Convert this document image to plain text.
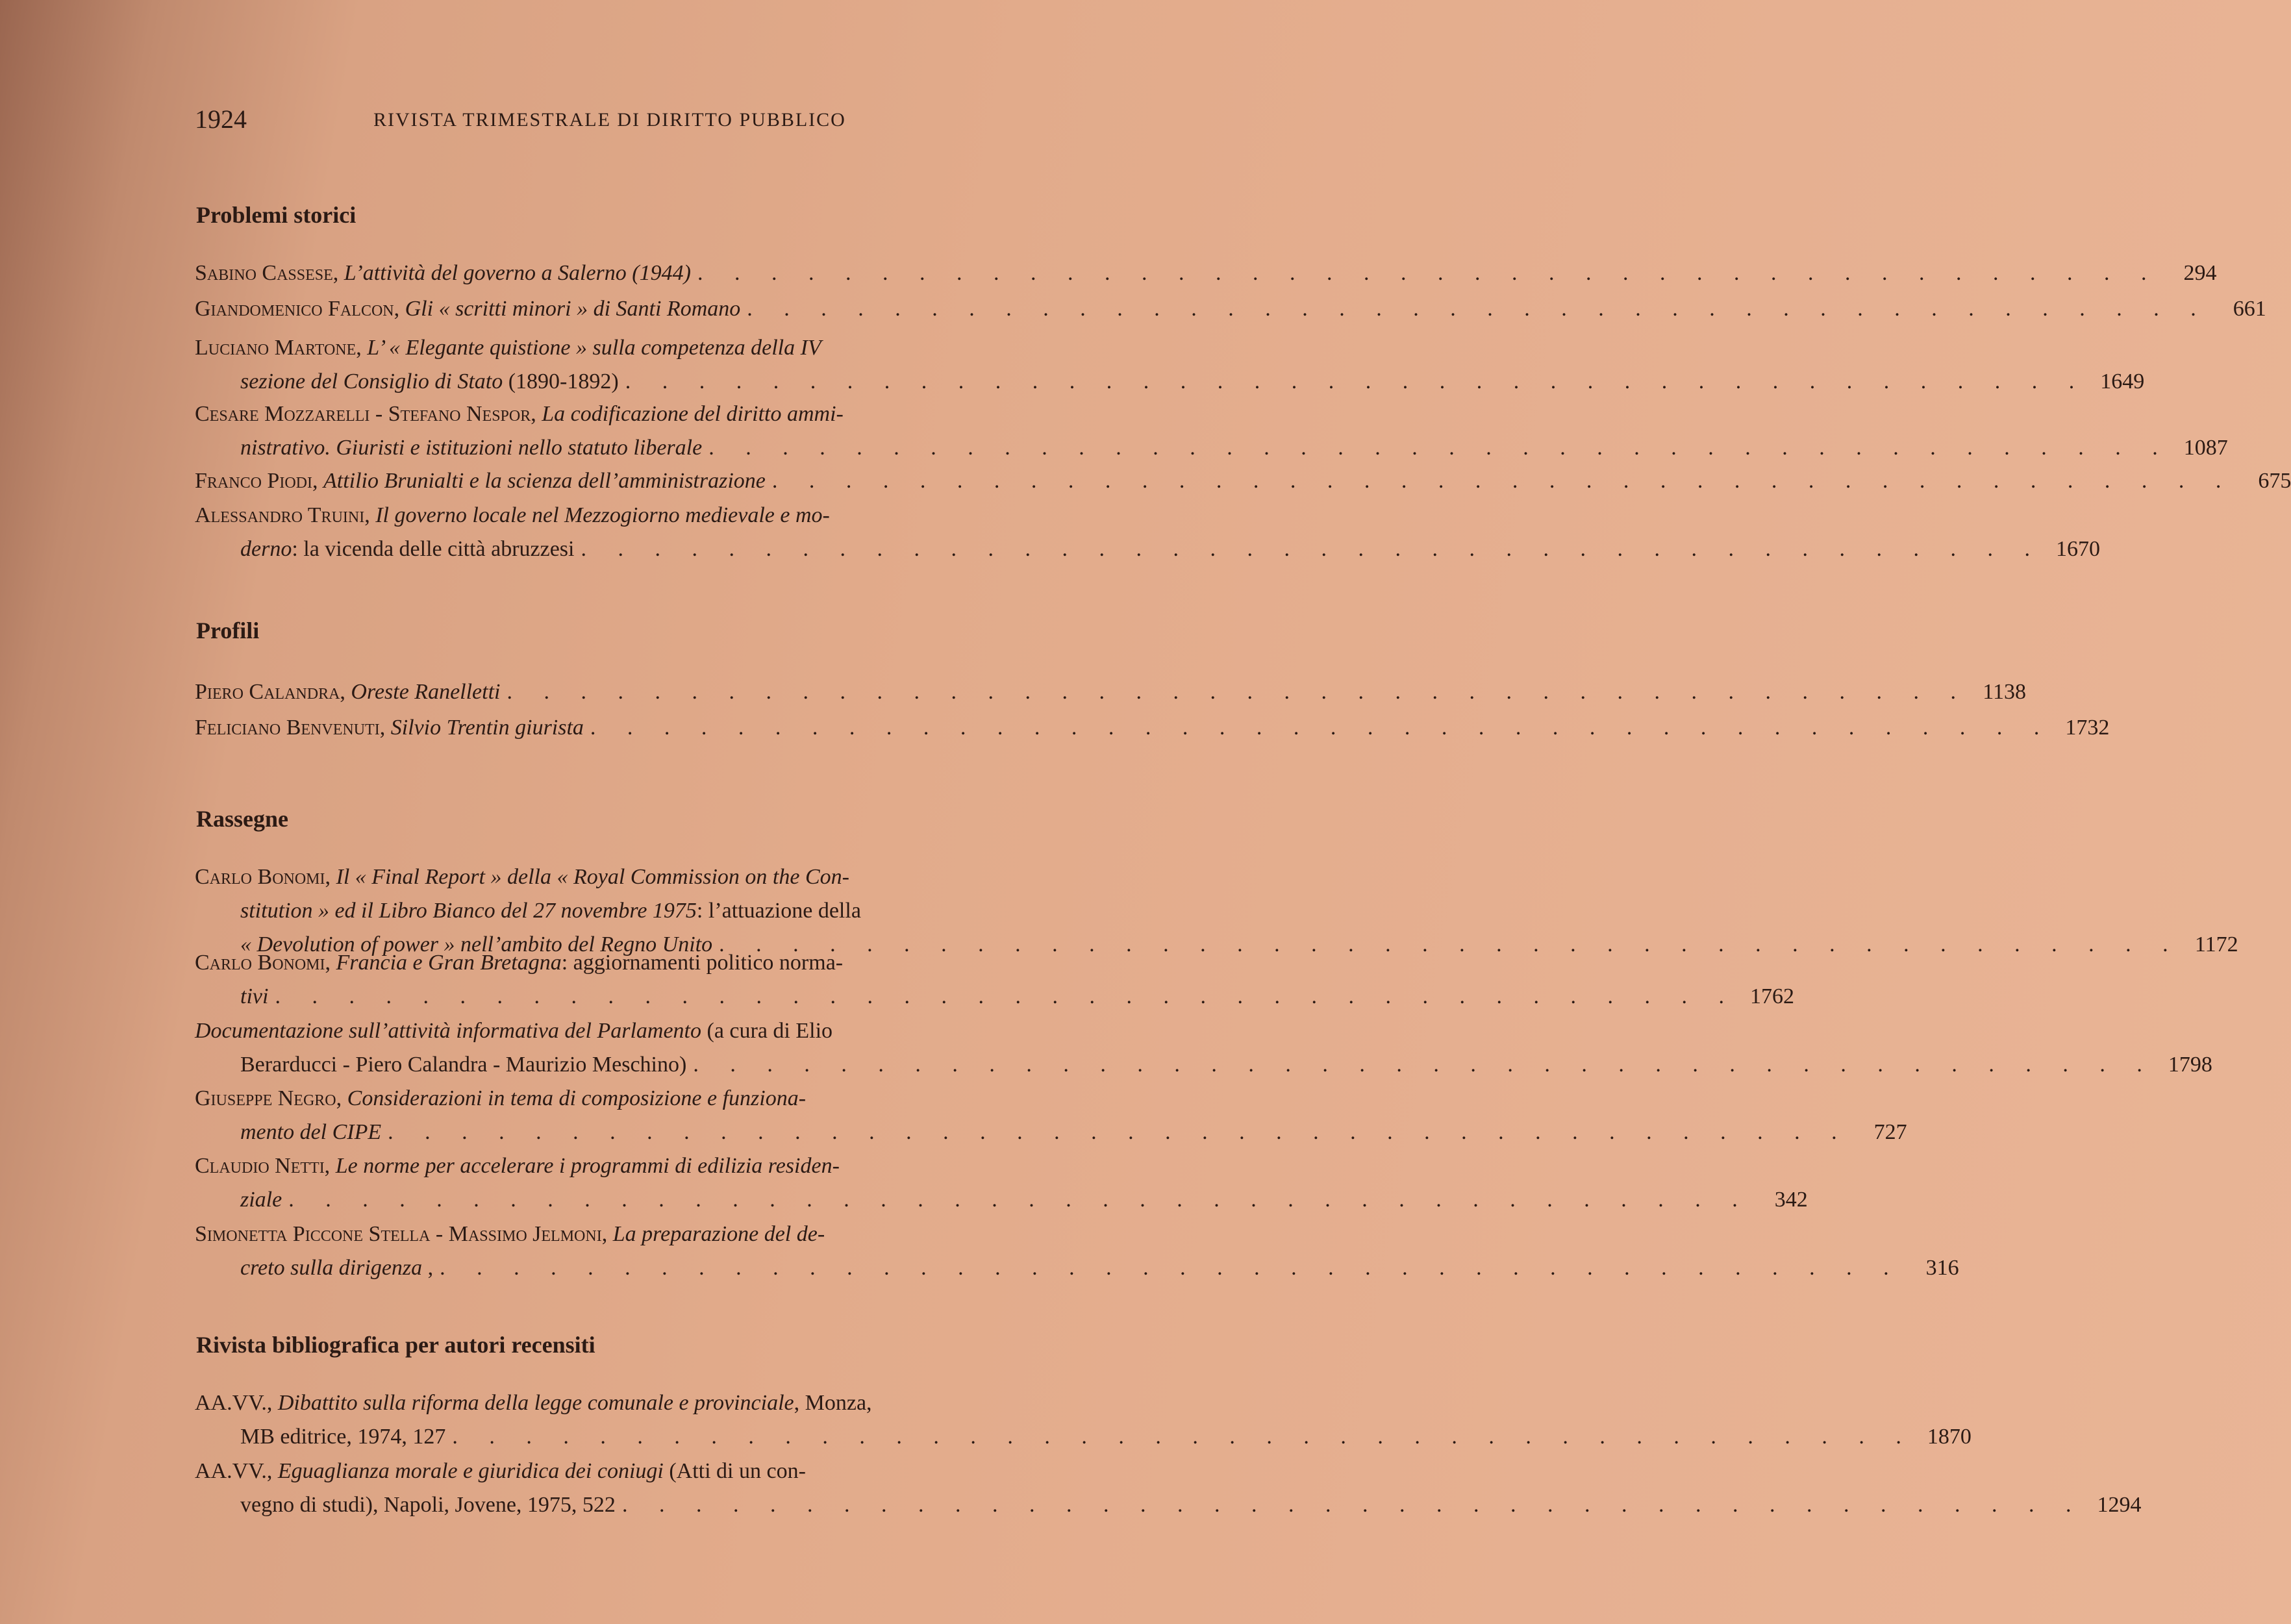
1924	RIVISTA TRIMESTRALE DI DIRITTO PUBBLICO
Problemi storici
Sabino Cassese, L’attività del governo a Salerno (1944) . . . . . . . . . . . . . . . . . . . . . . . . . . . . . . . . . . . . . . . .	294
Giandomenico Falcon, Gli « scritti minori » di Santi Romano . . . . . . . . . . . . . . . . . . . . . . . . . . . . . . . . . . . . . . . .	661
Luciano Martone, L’ « Elegante quistione » sulla competenza della IV
sezione del Consiglio di Stato (1890-1892) . . . . . . . . . . . . . . . . . . . . . . . . . . . . . . . . . . . . . . . . 1649
Cesare Mozzarelli - Stefano Nespor, La codificazione del diritto ammi-
nistrativo. Giuristi e istituzioni nello statuto liberale . . . . . . . . . . . . . . . . . . . . . . . . . . . . . . . . . . . . . . . . 1087
Franco Piodi, Attilio Brunialti e la scienza dell’amministrazione . . . . . . . . . . . . . . . . . . . . . . . . . . . . . . . . . . . . . . . .	675
Alessandro Truini, Il governo locale nel Mezzogiorno medievale e mo-
derno: la vicenda delle città abruzzesi . . . . . . . . . . . . . . . . . . . . . . . . . . . . . . . . . . . . . . . . 1670
Profili
Piero Calandra, Oreste Ranelletti . . . . . . . . . . . . . . . . . . . . . . . . . . . . . . . . . . . . . . . . 1138
Feliciano Benvenuti, Silvio Trentin giurista . . . . . . . . . . . . . . . . . . . . . . . . . . . . . . . . . . . . . . . . 1732
Rassegne
Carlo Bonomi, Il « Final Report » della « Royal Commission on the Con-
stitution » ed il Libro Bianco del 27 novembre 1975: l’attuazione della
« Devolution of power » nell’ambito del Regno Unito . . . . . . . . . . . . . . . . . . . . . . . . . . . . . . . . . . . . . . . . 1172
Carlo Bonomi, Francia e Gran Bretagna: aggiornamenti politico norma-
tivi . . . . . . . . . . . . . . . . . . . . . . . . . . . . . . . . . . . . . . . . 1762
Documentazione sull’attività informativa del Parlamento (a cura di Elio
Berarducci - Piero Calandra - Maurizio Meschino) . . . . . . . . . . . . . . . . . . . . . . . . . . . . . . . . . . . . . . . . 1798
Giuseppe Negro, Considerazioni in tema di composizione e funziona-
mento del CIPE . . . . . . . . . . . . . . . . . . . . . . . . . . . . . . . . . . . . . . . .	727
Claudio Netti, Le norme per accelerare i programmi di edilizia residen-
ziale . . . . . . . . . . . . . . . . . . . . . . . . . . . . . . . . . . . . . . . .	342
Simonetta Piccone Stella - Massimo Jelmoni, La preparazione del de-
creto sulla dirigenza , . . . . . . . . . . . . . . . . . . . . . . . . . . . . . . . . . . . . . . . .	316
Rivista bibliografica per autori recensiti
AA.VV., Dibattito sulla riforma della legge comunale e provinciale, Monza,
MB editrice, 1974, 127 . . . . . . . . . . . . . . . . . . . . . . . . . . . . . . . . . . . . . . . . 1870
AA.VV., Eguaglianza morale e giuridica dei coniugi (Atti di un con-
vegno di studi), Napoli, Jovene, 1975, 522 . . . . . . . . . . . . . . . . . . . . . . . . . . . . . . . . . . . . . . . . 1294
